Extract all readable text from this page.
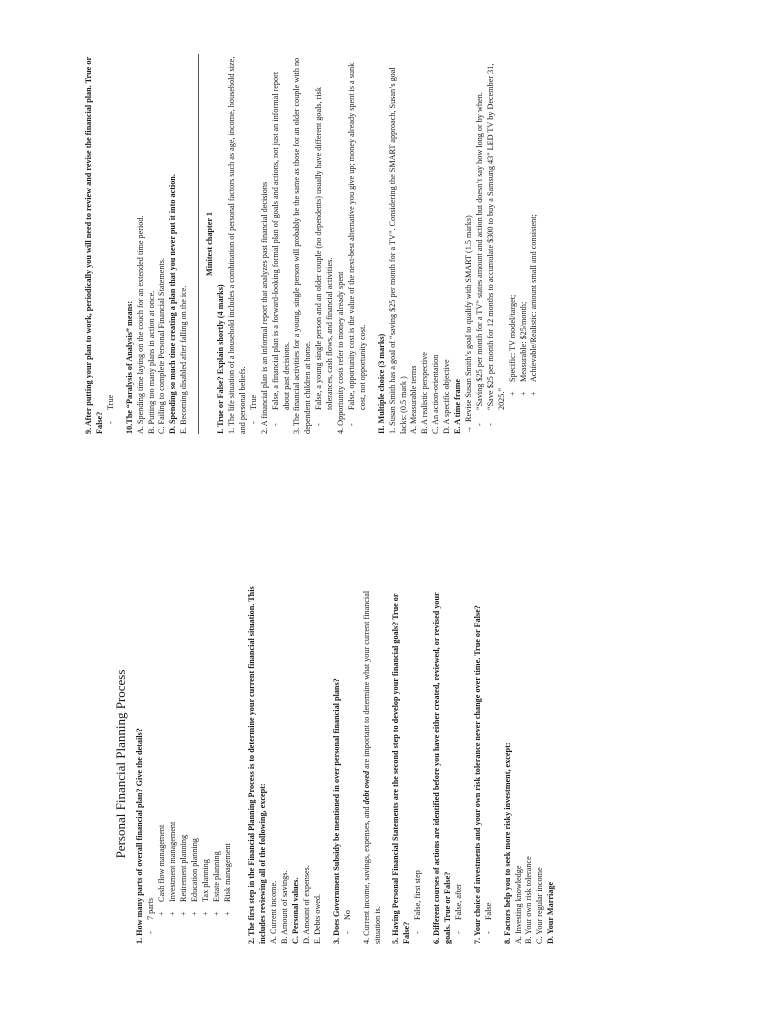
Personal Financial Planning Process 1. How many parts of overall financial plan? Give the details? - 7 parts

+ Cash flow management + Investment management + Retirement planning + Education planning + Tax planning + Estate planning + Risk management 2. The first step in the Financial Planning Process is to determine your current financial situation. This includes reviewing all of the following, except: A. Current income. B. Amount of savings. C. Personal values. D. Amount of expenses. E. Debts owed. 3. Does Government Subsidy be mentioned in over personal financial plans? - No 4. Current income, savings, expenses, and debt owed are important to determine what your current financial situation is. 5. Having Personal Financial Statements are the second step to develop your financial goals? True or False?

- False, first step 6. Different courses of actions are identified before you have either created, reviewed, or revised your goals. True or False? - False, after 7. Your choice of investments and your own risk tolerance never change over time. True or False? - False 8. Factors help you to seek more risky investment, except: A. Investing knowledge B. Your own risk tolerance C. Your regular income D. Your Marriage

9. After putting your plan to work, periodically you will need to review and revise the financial plan. True or False?

- True 10.The “Paralysis of Analysis” means: A. Spending time laying on the couch for an extended time period. B. Putting too many plans in action at once. C. Failing to complete Personal Financial Statements. D. Spending so much time creating a plan that you never put it into action. E. Becoming disabled after falling on the ice.

Minitest chapter 1

I. True or False? Explain shortly (4 marks) 1. The life situation of a household includes a combination of personal factors such as age, income, household size, and personal beliefs. - True 2. A financial plan is an informal report that analyzes past financial decisions -
False, a financial plan is a forward-looking formal plan of goals and actions, not just an informal report about past decisions. 3. The financial activities for a young, single person will probably be the same as those for an older couple with no dependent children at home. -
False, a young single person and an older couple (no dependents) usually have different goals, risk tolerances, cash flows, and financial activities. 4. Opportunity costs refer to money already spent -
False, opportunity cost is the value of the next-best alternative you give up; money already spent is a sunk cost, not opportunity cost. II. Multiple choice (3 marks) 1. Susan Smith has a goal of “saving $25 per month for a TV”. Considering the SMART approach, Susan’s goal lacks: (0.5 mark ) A. Measurable terms B. A realistic perspective C. An action-orientation D. A specific objective E. A time frame → Revise Susan Smith’s goal to qualify with SMART (1.5 marks)

-
“Saving $25 per month for a TV” states amount and action but doesn’t say how long or by when.
-
“Save $25 per month for 12 months to accumulate $300 to buy a Samsung 43" LED TV by December 31, 2025.”

+ Specific: TV model/target; + Measurable: $25/month; + Achievable/Realistic: amount small and consistent;
